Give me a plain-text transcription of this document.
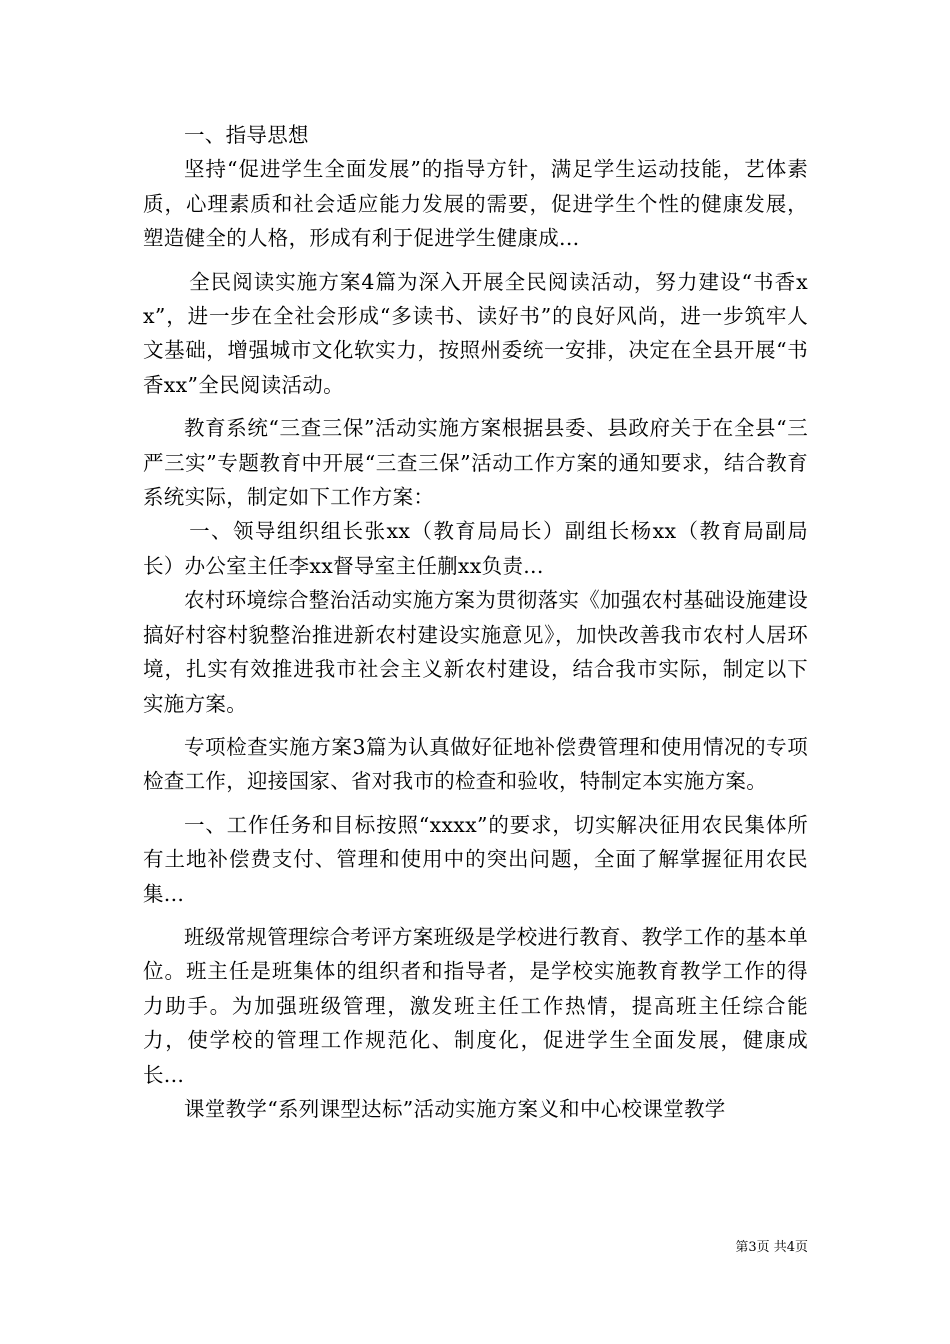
一、指导思想

坚持“促进学生全面发展”的指导方针，满足学生运动技能，艺体素质，心理素质和社会适应能力发展的需要，促进学生个性的健康发展，塑造健全的人格，形成有利于促进学生健康成...

全民阅读实施方案4篇为深入开展全民阅读活动，努力建设“书香xx”，进一步在全社会形成“多读书、读好书”的良好风尚，进一步筑牢人文基础，增强城市文化软实力，按照州委统一安排，决定在全县开展“书香xx”全民阅读活动。

教育系统“三查三保”活动实施方案根据县委、县政府关于在全县“三严三实”专题教育中开展“三查三保”活动工作方案的通知要求，结合教育系统实际，制定如下工作方案：

一、领导组织组长张xx（教育局局长）副组长杨xx（教育局副局长）办公室主任李xx督导室主任蒯xx负责...

农村环境综合整治活动实施方案为贯彻落实《加强农村基础设施建设搞好村容村貌整治推进新农村建设实施意见》，加快改善我市农村人居环境，扎实有效推进我市社会主义新农村建设，结合我市实际，制定以下实施方案。

专项检查实施方案3篇为认真做好征地补偿费管理和使用情况的专项检查工作，迎接国家、省对我市的检查和验收，特制定本实施方案。

一、工作任务和目标按照“xxxx”的要求，切实解决征用农民集体所有土地补偿费支付、管理和使用中的突出问题，全面了解掌握征用农民集...

班级常规管理综合考评方案班级是学校进行教育、教学工作的基本单位。班主任是班集体的组织者和指导者，是学校实施教育教学工作的得力助手。为加强班级管理，激发班主任工作热情，提高班主任综合能力，使学校的管理工作规范化、制度化，促进学生全面发展，健康成长...

课堂教学“系列课型达标”活动实施方案义和中心校课堂教学

第3页 共4页
